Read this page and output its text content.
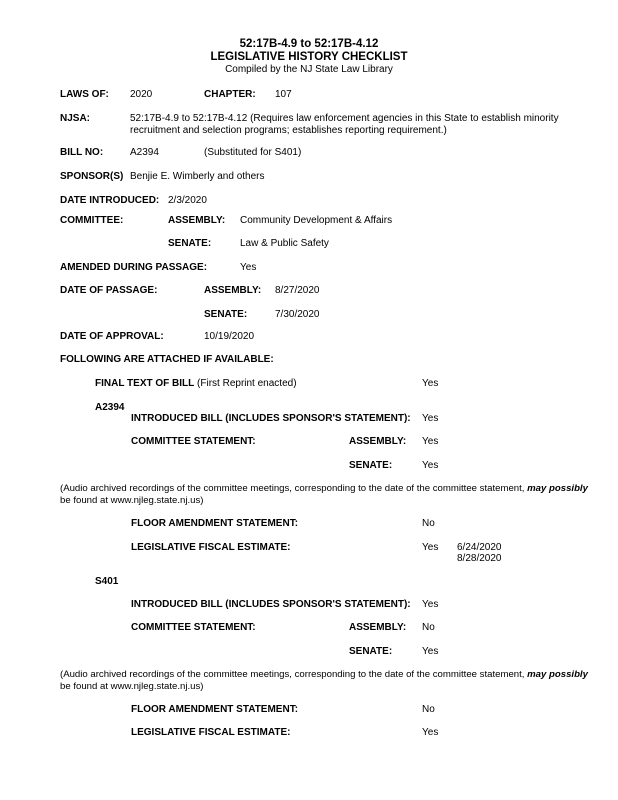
52:17B-4.9 to 52:17B-4.12
LEGISLATIVE HISTORY CHECKLIST
Compiled by the NJ State Law Library
LAWS OF: 2020	CHAPTER: 107
NJSA:	52:17B-4.9 to 52:17B-4.12 (Requires law enforcement agencies in this State to establish minority
recruitment and selection programs; establishes reporting requirement.)
BILL NO:	A2394	(Substituted for S401)
SPONSOR(S) Benjie E. Wimberly and others
DATE INTRODUCED: 2/3/2020
COMMITTEE:	ASSEMBLY: Community Development & Affairs
SENATE:	Law & Public Safety
AMENDED DURING PASSAGE:	Yes
DATE OF PASSAGE:	ASSEMBLY: 8/27/2020
SENATE:	7/30/2020
DATE OF APPROVAL:	10/19/2020
FOLLOWING ARE ATTACHED IF AVAILABLE:
FINAL TEXT OF BILL (First Reprint enacted)	Yes
A2394
INTRODUCED BILL (INCLUDES SPONSOR'S STATEMENT): Yes
COMMITTEE STATEMENT:	ASSEMBLY: Yes
SENATE:	Yes
(Audio archived recordings of the committee meetings, corresponding to the date of the committee statement, may possibly
be found at www.njleg.state.nj.us)
FLOOR AMENDMENT STATEMENT:	No
LEGISLATIVE FISCAL ESTIMATE:	Yes 6/24/2020
8/28/2020
S401
INTRODUCED BILL (INCLUDES SPONSOR'S STATEMENT): Yes
COMMITTEE STATEMENT:	ASSEMBLY: No
SENATE:	Yes
(Audio archived recordings of the committee meetings, corresponding to the date of the committee statement, may possibly
be found at www.njleg.state.nj.us)
FLOOR AMENDMENT STATEMENT:	No
LEGISLATIVE FISCAL ESTIMATE:	Yes
